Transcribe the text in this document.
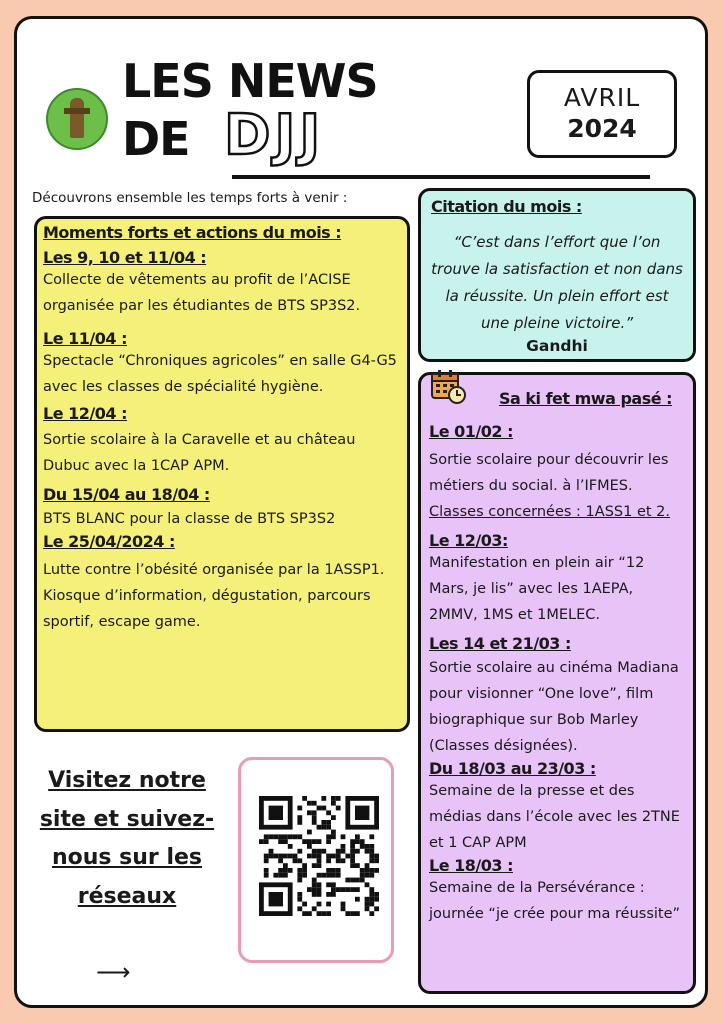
LES NEWS
DE DJJ
AVRIL
2024
Découvrons ensemble les temps forts à venir :
Moments forts et actions du mois :
Les 9, 10 et 11/04 :
Collecte de vêtements au profit de l’ACISE organisée par les étudiantes de BTS SP3S2.
Le 11/04 :
Spectacle “Chroniques agricoles” en salle G4-G5 avec les classes de spécialité hygiène.
Le 12/04 :
Sortie scolaire à la Caravelle et au château Dubuc avec la 1CAP APM.
Du 15/04 au 18/04 :
BTS BLANC pour la classe de BTS SP3S2
Le 25/04/2024 :
Lutte contre l’obésité organisée par la 1ASSP1. Kiosque d’information, dégustation, parcours sportif, escape game.
Citation du mois :
“C’est dans l’effort que l’on trouve la satisfaction et non dans la réussite. Un plein effort est une pleine victoire.”
Gandhi
Sa ki fet mwa pasé :
Le 01/02 :
Sortie scolaire pour découvrir les métiers du social. à l’IFMES.
Classes concernées : 1ASS1 et 2.
Le 12/03:
Manifestation en plein air “12 Mars, je lis” avec les 1AEPA, 2MMV, 1MS et 1MELEC.
Les 14 et 21/03 :
Sortie scolaire au cinéma Madiana pour visionner “One love”, film biographique sur Bob Marley (Classes désignées).
Du 18/03 au 23/03 :
Semaine de la presse et des médias dans l’école avec les 2TNE et 1 CAP APM
Le 18/03 :
Semaine de la Persévérance : journée “je crée pour ma réussite”
Visitez notre site et suivez-nous sur les réseaux
⟶
